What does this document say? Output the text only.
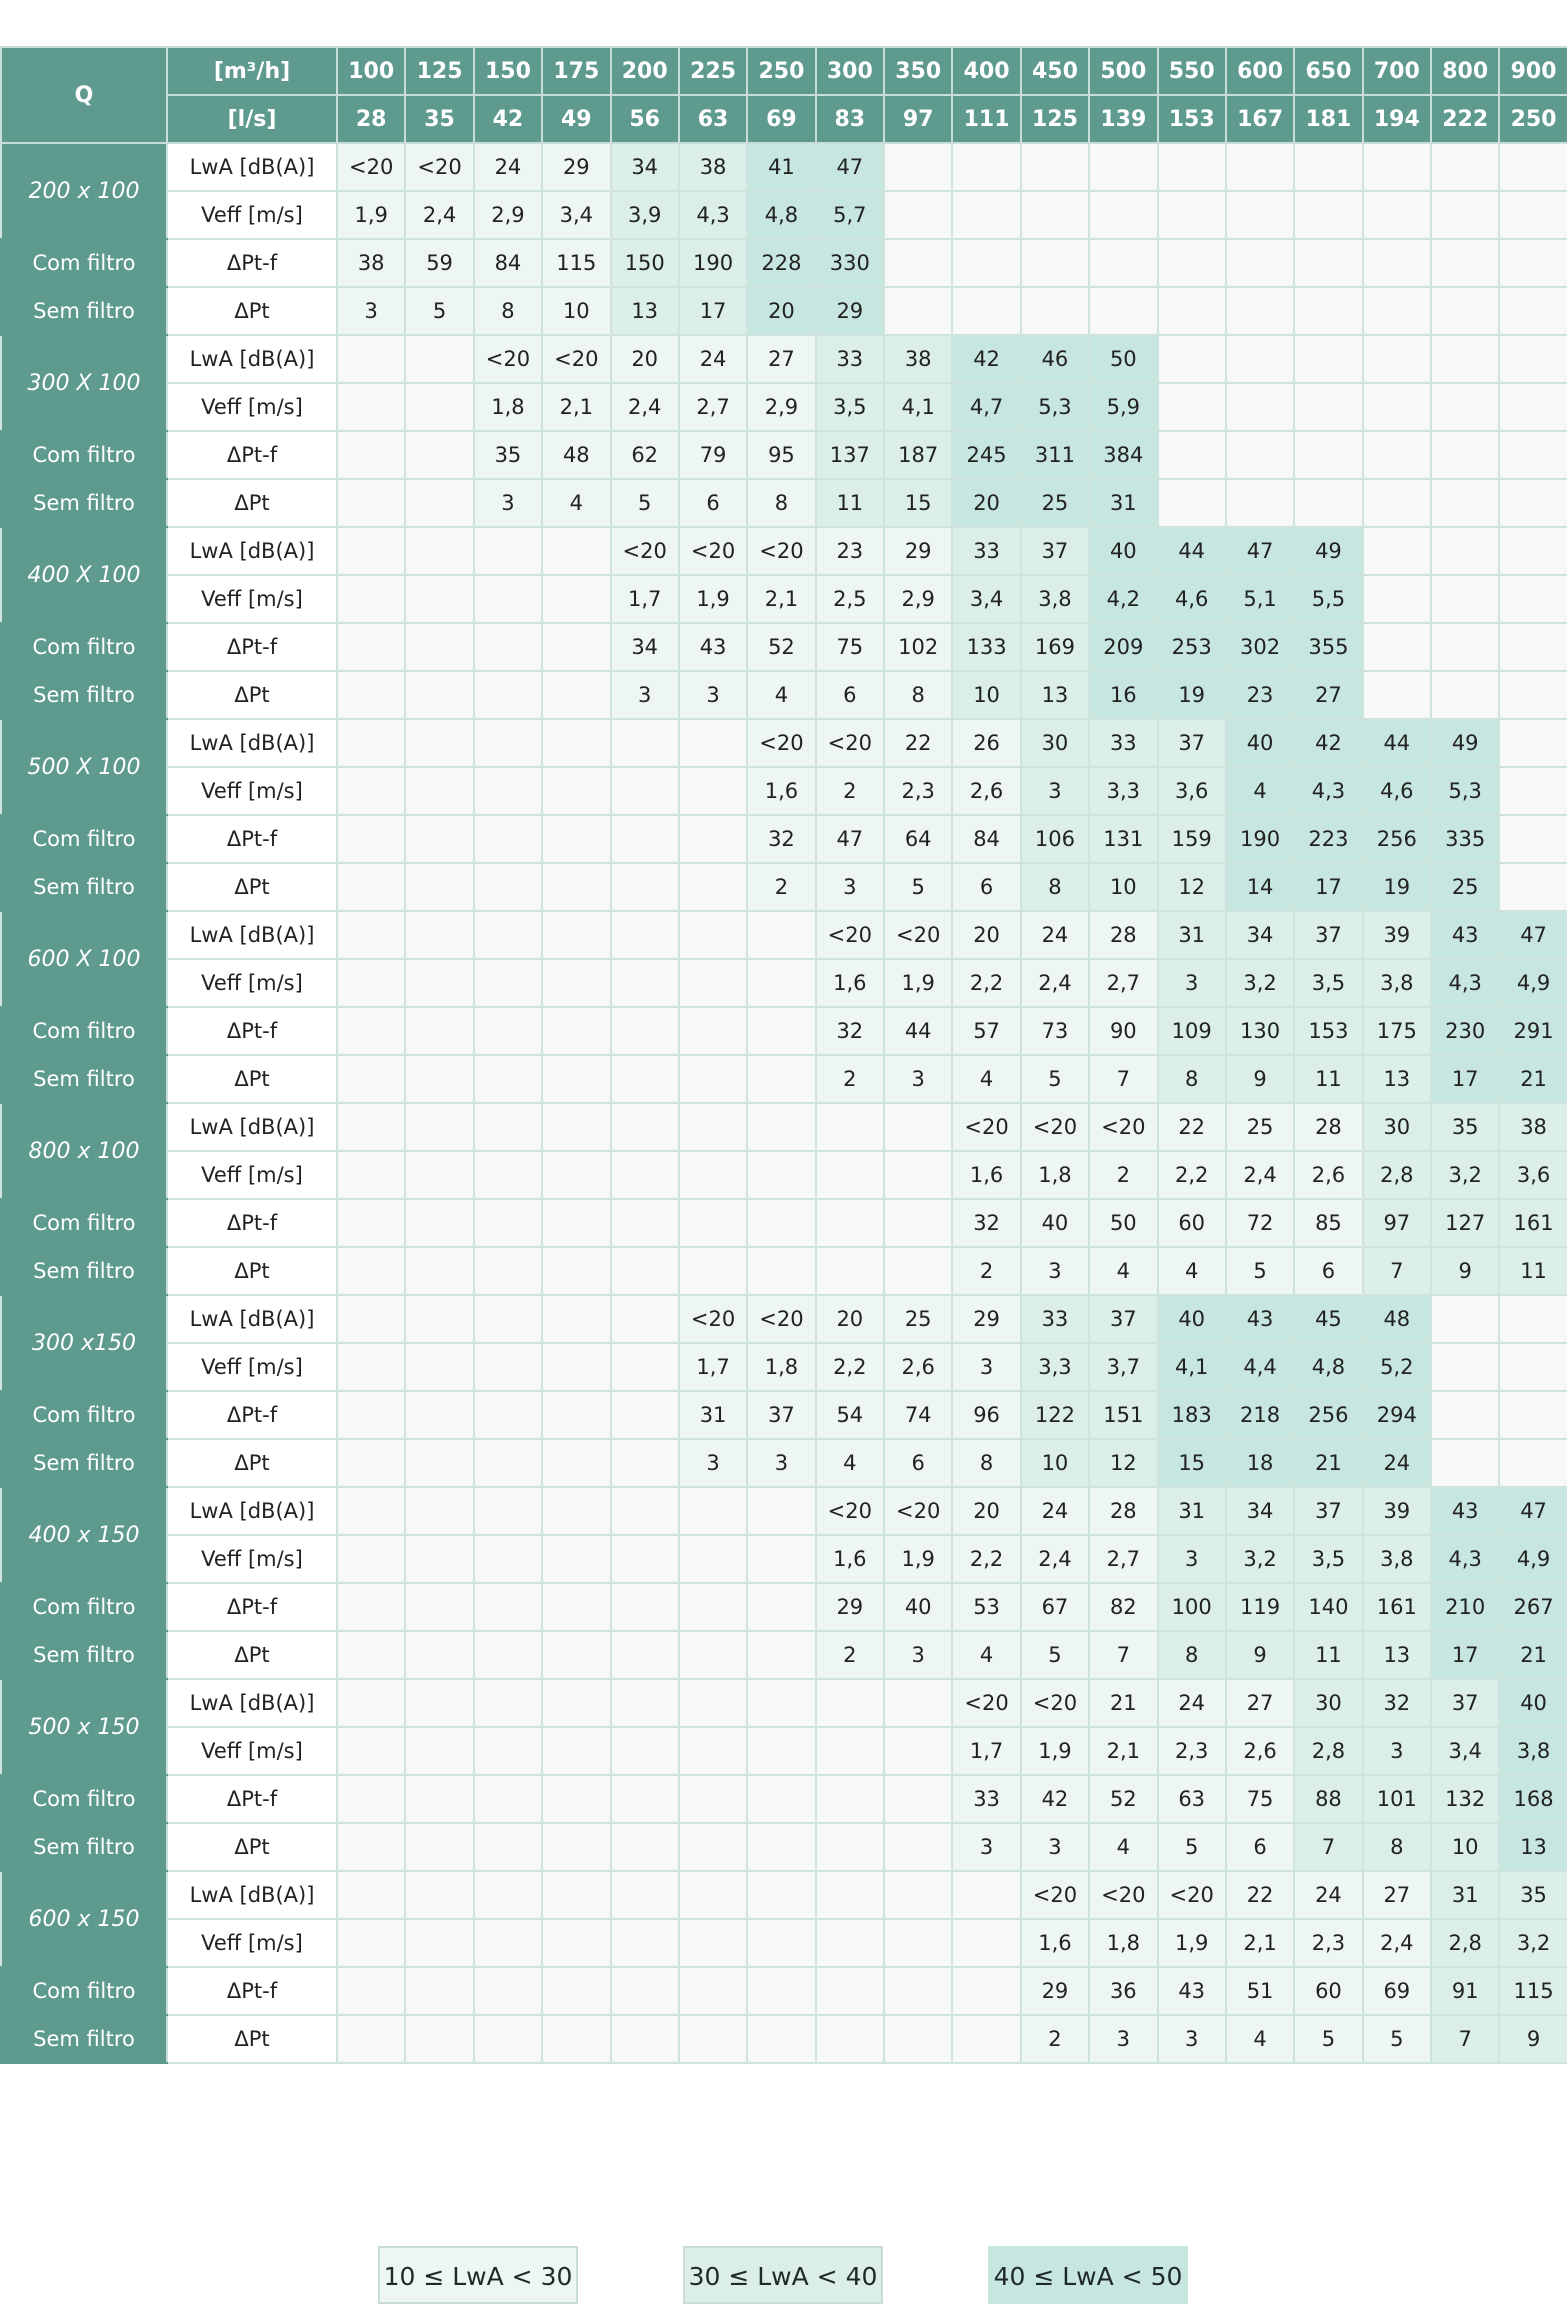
Q	[m³/h]	100	125	150	175	200	225	250	300	350	400	450	500	550	600	650	700	800	900
	[l/s]	28	35	42	49	56	63	69	83	97	111	125	139	153	167	181	194	222	250
200 x 100	LwA [dB(A)]	<20	<20	24	29	34	38	41	47										
	Veff [m/s]	1,9	2,4	2,9	3,4	3,9	4,3	4,8	5,7										
Com filtro	ΔPt-f	38	59	84	115	150	190	228	330										
Sem filtro	ΔPt	3	5	8	10	13	17	20	29										
300 X 100	LwA [dB(A)]			<20	<20	20	24	27	33	38	42	46	50						
	Veff [m/s]			1,8	2,1	2,4	2,7	2,9	3,5	4,1	4,7	5,3	5,9						
Com filtro	ΔPt-f			35	48	62	79	95	137	187	245	311	384						
Sem filtro	ΔPt			3	4	5	6	8	11	15	20	25	31						
400 X 100	LwA [dB(A)]					<20	<20	<20	23	29	33	37	40	44	47	49			
	Veff [m/s]					1,7	1,9	2,1	2,5	2,9	3,4	3,8	4,2	4,6	5,1	5,5			
Com filtro	ΔPt-f					34	43	52	75	102	133	169	209	253	302	355			
Sem filtro	ΔPt					3	3	4	6	8	10	13	16	19	23	27			
500 X 100	LwA [dB(A)]							<20	<20	22	26	30	33	37	40	42	44	49	
	Veff [m/s]							1,6	2	2,3	2,6	3	3,3	3,6	4	4,3	4,6	5,3	
Com filtro	ΔPt-f							32	47	64	84	106	131	159	190	223	256	335	
Sem filtro	ΔPt							2	3	5	6	8	10	12	14	17	19	25	
600 X 100	LwA [dB(A)]								<20	<20	20	24	28	31	34	37	39	43	47
	Veff [m/s]								1,6	1,9	2,2	2,4	2,7	3	3,2	3,5	3,8	4,3	4,9
Com filtro	ΔPt-f								32	44	57	73	90	109	130	153	175	230	291
Sem filtro	ΔPt								2	3	4	5	7	8	9	11	13	17	21
800 x 100	LwA [dB(A)]										<20	<20	<20	22	25	28	30	35	38
	Veff [m/s]										1,6	1,8	2	2,2	2,4	2,6	2,8	3,2	3,6
Com filtro	ΔPt-f										32	40	50	60	72	85	97	127	161
Sem filtro	ΔPt										2	3	4	4	5	6	7	9	11
300 x150	LwA [dB(A)]						<20	<20	20	25	29	33	37	40	43	45	48		
	Veff [m/s]						1,7	1,8	2,2	2,6	3	3,3	3,7	4,1	4,4	4,8	5,2		
Com filtro	ΔPt-f						31	37	54	74	96	122	151	183	218	256	294		
Sem filtro	ΔPt						3	3	4	6	8	10	12	15	18	21	24		
400 x 150	LwA [dB(A)]								<20	<20	20	24	28	31	34	37	39	43	47
	Veff [m/s]								1,6	1,9	2,2	2,4	2,7	3	3,2	3,5	3,8	4,3	4,9
Com filtro	ΔPt-f								29	40	53	67	82	100	119	140	161	210	267
Sem filtro	ΔPt								2	3	4	5	7	8	9	11	13	17	21
500 x 150	LwA [dB(A)]										<20	<20	21	24	27	30	32	37	40
	Veff [m/s]										1,7	1,9	2,1	2,3	2,6	2,8	3	3,4	3,8
Com filtro	ΔPt-f										33	42	52	63	75	88	101	132	168
Sem filtro	ΔPt										3	3	4	5	6	7	8	10	13
600 x 150	LwA [dB(A)]											<20	<20	<20	22	24	27	31	35
	Veff [m/s]											1,6	1,8	1,9	2,1	2,3	2,4	2,8	3,2
Com filtro	ΔPt-f											29	36	43	51	60	69	91	115
Sem filtro	ΔPt											2	3	3	4	5	5	7	9
10 ≤ LwA < 30	30 ≤ LwA < 40	40 ≤ LwA < 50
